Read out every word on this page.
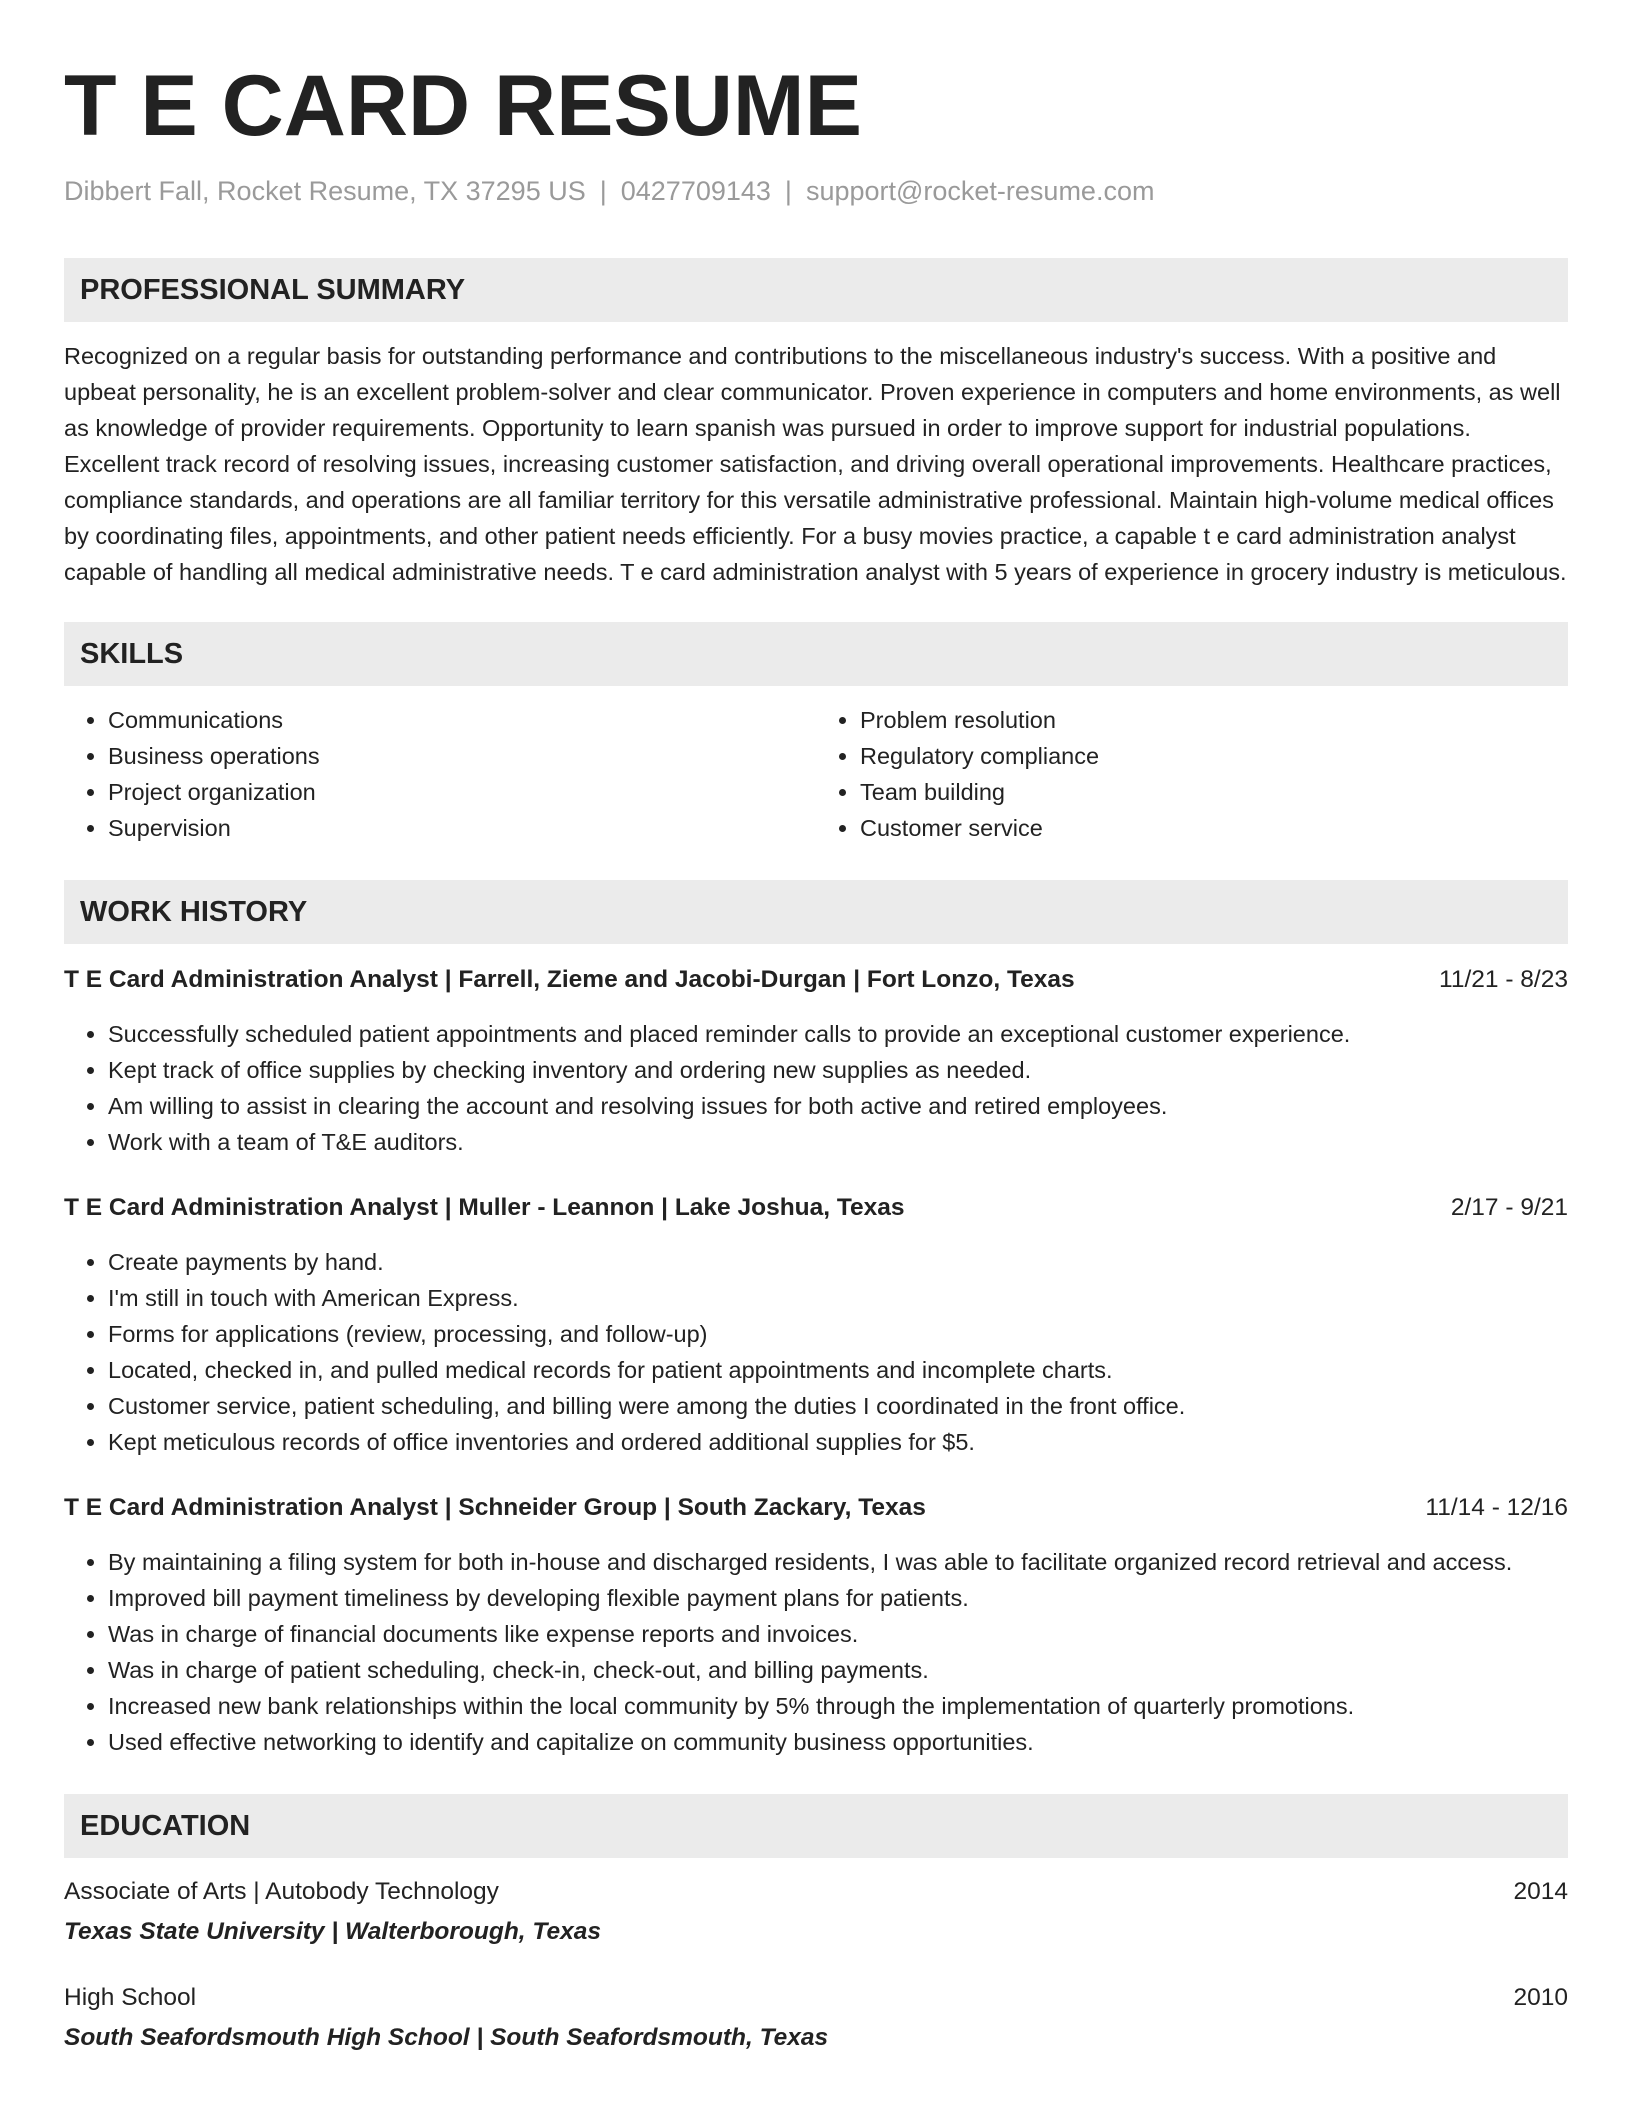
T E CARD RESUME
Dibbert Fall, Rocket Resume, TX 37295 US | 0427709143 | support@rocket-resume.com
PROFESSIONAL SUMMARY
Recognized on a regular basis for outstanding performance and contributions to the miscellaneous industry's success. With a positive and upbeat personality, he is an excellent problem-solver and clear communicator. Proven experience in computers and home environments, as well as knowledge of provider requirements. Opportunity to learn spanish was pursued in order to improve support for industrial populations. Excellent track record of resolving issues, increasing customer satisfaction, and driving overall operational improvements. Healthcare practices, compliance standards, and operations are all familiar territory for this versatile administrative professional. Maintain high-volume medical offices by coordinating files, appointments, and other patient needs efficiently. For a busy movies practice, a capable t e card administration analyst capable of handling all medical administrative needs. T e card administration analyst with 5 years of experience in grocery industry is meticulous.
SKILLS
• Communications
• Business operations
• Project organization
• Supervision
• Problem resolution
• Regulatory compliance
• Team building
• Customer service
WORK HISTORY
T E Card Administration Analyst | Farrell, Zieme and Jacobi-Durgan | Fort Lonzo, Texas	11/21 - 8/23
• Successfully scheduled patient appointments and placed reminder calls to provide an exceptional customer experience.
• Kept track of office supplies by checking inventory and ordering new supplies as needed.
• Am willing to assist in clearing the account and resolving issues for both active and retired employees.
• Work with a team of T&E auditors.
T E Card Administration Analyst | Muller - Leannon | Lake Joshua, Texas	2/17 - 9/21
• Create payments by hand.
• I'm still in touch with American Express.
• Forms for applications (review, processing, and follow-up)
• Located, checked in, and pulled medical records for patient appointments and incomplete charts.
• Customer service, patient scheduling, and billing were among the duties I coordinated in the front office.
• Kept meticulous records of office inventories and ordered additional supplies for $5.
T E Card Administration Analyst | Schneider Group | South Zackary, Texas	11/14 - 12/16
• By maintaining a filing system for both in-house and discharged residents, I was able to facilitate organized record retrieval and access.
• Improved bill payment timeliness by developing flexible payment plans for patients.
• Was in charge of financial documents like expense reports and invoices.
• Was in charge of patient scheduling, check-in, check-out, and billing payments.
• Increased new bank relationships within the local community by 5% through the implementation of quarterly promotions.
• Used effective networking to identify and capitalize on community business opportunities.
EDUCATION
Associate of Arts | Autobody Technology	2014
Texas State University | Walterborough, Texas
High School	2010
South Seafordsmouth High School | South Seafordsmouth, Texas
